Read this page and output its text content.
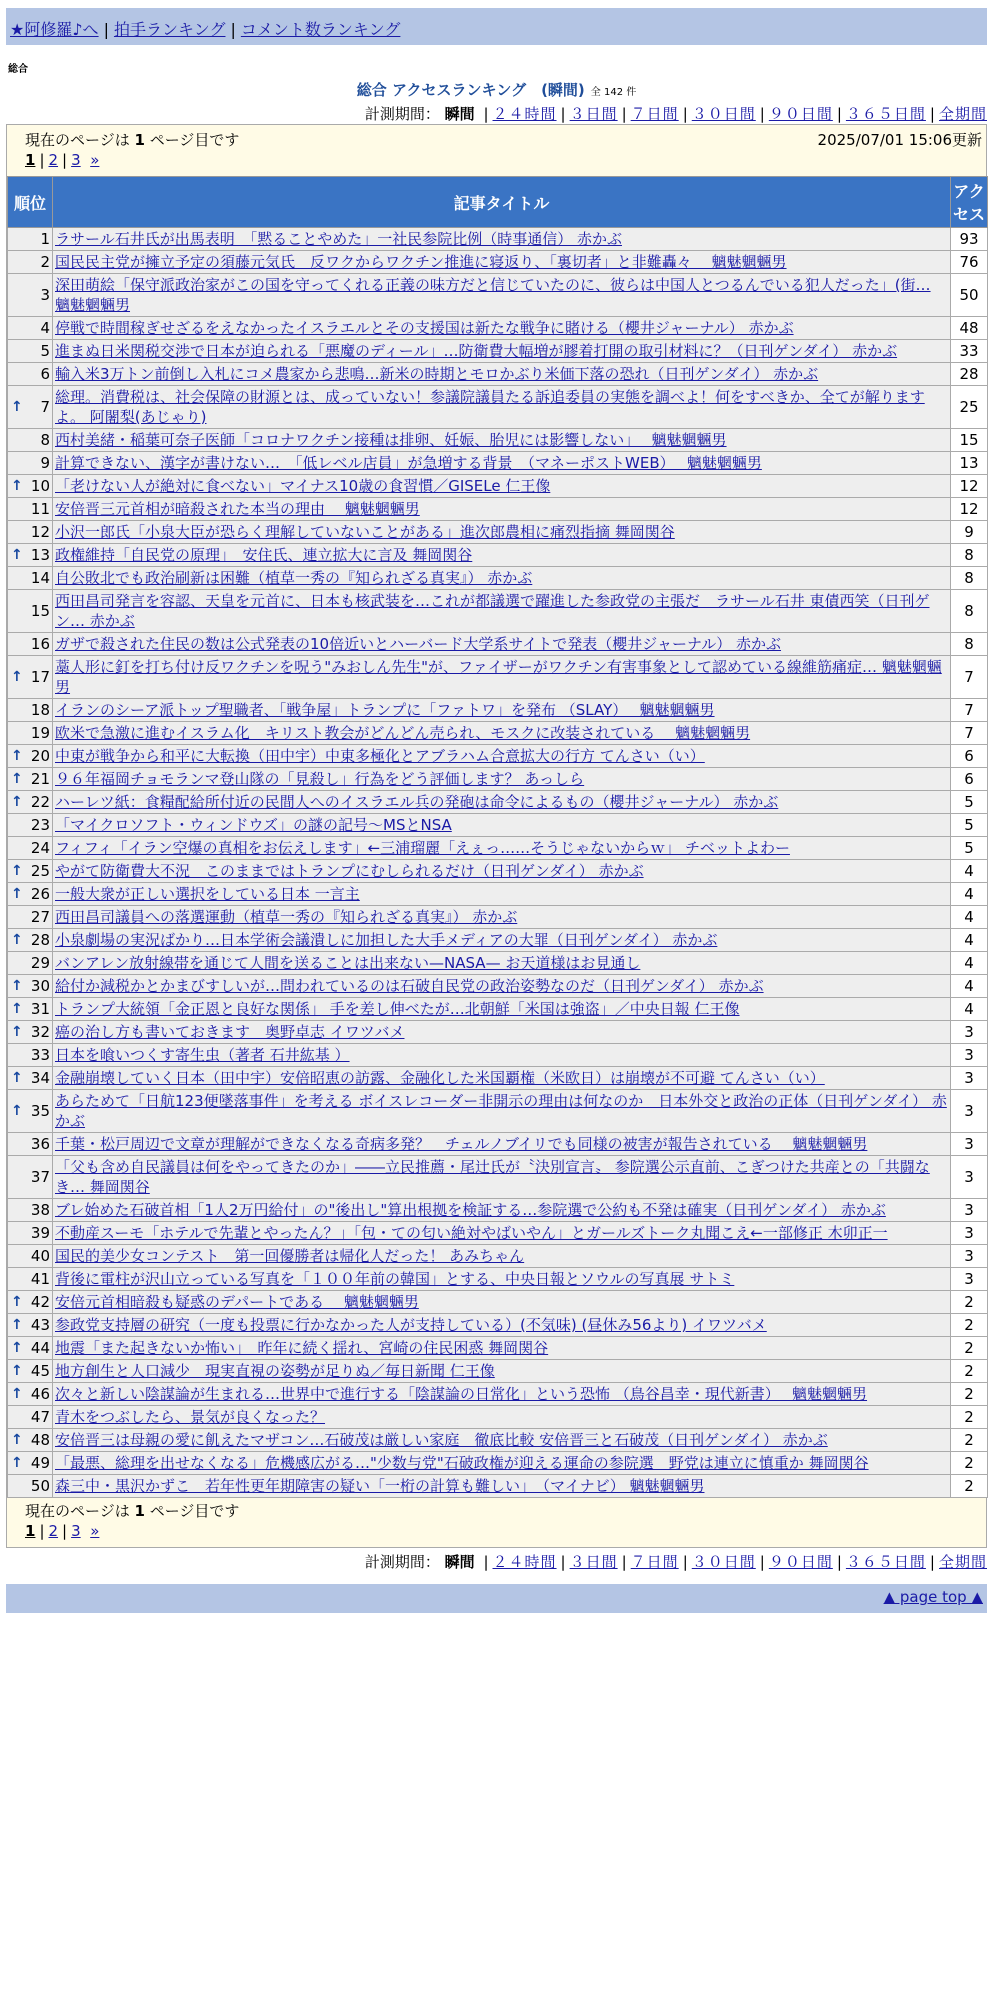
★阿修羅♪へ | 拍手ランキング | コメント数ランキング
総合
総合 アクセスランキング　(瞬間) 全 142 件
計測期間： 瞬間 | ２４時間 | ３日間 | ７日間 | ３０日間 | ９０日間 | ３６５日間 | 全期間
現在のページは 1 ページ目です	2025/07/01 15:06更新
1 | 2 | 3 »
順位	記事タイトル	アクセス
1	ラサール石井氏が出馬表明　「黙ることやめた」一社民参院比例（時事通信） 赤かぶ	93
2	国民民主党が擁立予定の須藤元気氏　反ワクからワクチン推進に寝返り、「裏切者」と非難轟々　 魑魅魍魎男	76
3	深田萌絵「保守派政治家がこの国を守ってくれる正義の味方だと信じていたのに、彼らは中国人とつるんでいる犯人だった」(街… 魑魅魍魎男	50
4	停戦で時間稼ぎせざるをえなかったイスラエルとその支援国は新たな戦争に賭ける（櫻井ジャーナル） 赤かぶ	48
5	進まぬ日米関税交渉で日本が迫られる「悪魔のディール」…防衛費大幅増が膠着打開の取引材料に？（日刊ゲンダイ） 赤かぶ	33
6	輸入米3万トン前倒し入札にコメ農家から悲鳴…新米の時期とモロかぶり米価下落の恐れ（日刊ゲンダイ） 赤かぶ	28

↑ 7	総理。消費税は、社会保障の財源とは、成っていない！参議院議員たる訴追委員の実態を調べよ！何をすべきか、全てが解りますよ。 阿闍梨(あじゃり)	25
8	西村美緒・稲葉可奈子医師「コロナワクチン接種は排卵、妊娠、胎児には影響しない」　 魑魅魍魎男	15
9	計算できない、漢字が書けない…　「低レベル店員」が急増する背景　（マネーポストWEB）　 魑魅魍魎男	13

↑ 10	「老けない人が絶対に食べない」マイナス10歳の食習慣／GISELe 仁王像	12
11	安倍晋三元首相が暗殺された本当の理由　 魑魅魍魎男	12
12	小沢一郎氏「小泉大臣が恐らく理解していないことがある」進次郎農相に痛烈指摘 舞岡関谷	9

↑ 13	政権維持「自民党の原理」　安住氏、連立拡大に言及 舞岡関谷	8
14	自公敗北でも政治刷新は困難（植草一秀の『知られざる真実』） 赤かぶ	8
15	西田昌司発言を容認、天皇を元首に、日本も核武装を…これが都議選で躍進した参政党の主張だ　ラサール石井 東債西笑（日刊ゲン… 赤かぶ	8
16	ガザで殺された住民の数は公式発表の10倍近いとハーバード大学系サイトで発表（櫻井ジャーナル） 赤かぶ	8

↑ 17	藁人形に釘を打ち付け反ワクチンを呪う"みおしん先生"が、ファイザーがワクチン有害事象として認めている線維筋痛症… 魑魅魍魎男	7
18	イランのシーア派トップ聖職者、「戦争屋」トランプに「ファトワ」を発布 （SLAY）　 魑魅魍魎男	7
19	欧米で急激に進むイスラム化　キリスト教会がどんどん売られ、モスクに改装されている　 魑魅魍魎男	7

↑ 20	中東が戦争から和平に大転換（田中宇）中東多極化とアブラハム合意拡大の行方 てんさい（い）	6

↑ 21	９６年福岡チョモランマ登山隊の「見殺し」行為をどう評価します？ あっしら	6

↑ 22	ハーレツ紙：食糧配給所付近の民間人へのイスラエル兵の発砲は命令によるもの（櫻井ジャーナル） 赤かぶ	5
23	「マイクロソフト・ウィンドウズ」の謎の記号〜MSとNSA	5
24	フィフィ「イラン空爆の真相をお伝えします」←三浦瑠麗「えぇっ……そうじゃないからｗ」 チベットよわー	5

↑ 25	やがて防衛費大不況　このままではトランプにむしられるだけ（日刊ゲンダイ） 赤かぶ	4

↑ 26	一般大衆が正しい選択をしている日本 一言主	4
27	西田昌司議員への落選運動（植草一秀の『知られざる真実』） 赤かぶ	4

↑ 28	小泉劇場の実況ばかり…日本学術会議潰しに加担した大手メディアの大罪（日刊ゲンダイ） 赤かぶ	4
29	バンアレン放射線帯を通じて人間を送ることは出来ない—NASA— お天道様はお見通し	4

↑ 30	給付か減税かとかまびすしいが…問われているのは石破自民党の政治姿勢なのだ（日刊ゲンダイ） 赤かぶ	4

↑ 31	トランプ大統領「金正恩と良好な関係」 手を差し伸べたが…北朝鮮「米国は強盗」／中央日報 仁王像	4

↑ 32	癌の治し方も書いておきます　奥野卓志 イワツバメ	3
33	日本を喰いつくす寄生虫（著者 石井紘基 ）	3

↑ 34	金融崩壊していく日本（田中宇）安倍昭恵の訪露、金融化した米国覇権（米欧日）は崩壊が不可避 てんさい（い）	3

↑ 35	あらためて「日航123便墜落事件」を考える ボイスレコーダー非開示の理由は何なのか　日本外交と政治の正体（日刊ゲンダイ） 赤かぶ	3
36	千葉・松戸周辺で文章が理解ができなくなる奇病多発？　チェルノブイリでも同様の被害が報告されている　 魑魅魍魎男	3
37	「父も含め自民議員は何をやってきたのか」――立民推薦・尾辻氏が〝決別宣言〟 参院選公示直前、こぎつけた共産との「共闘なき… 舞岡関谷	3
38	ブレ始めた石破首相「1人2万円給付」の"後出し"算出根拠を検証する…参院選で公約も不発は確実（日刊ゲンダイ） 赤かぶ	3
39	不動産スーモ「ホテルで先輩とやったん？」「包・ての匂い絶対やばいやん」とガールズトーク丸聞こえ←一部修正 木卯正一	3
40	国民的美少女コンテスト　第一回優勝者は帰化人だった！ あみちゃん	3
41	背後に電柱が沢山立っている写真を「１００年前の韓国」とする、中央日報とソウルの写真展 サトミ	3

↑ 42	安倍元首相暗殺も疑惑のデパートである　 魑魅魍魎男	2

↑ 43	参政党支持層の研究（一度も投票に行かなかった人が支持している）(不気味) (昼休み56より) イワツバメ	2

↑ 44	地震「また起きないか怖い」　昨年に続く揺れ、宮崎の住民困惑 舞岡関谷	2

↑ 45	地方創生と人口減少　現実直視の姿勢が足りぬ／毎日新聞 仁王像	2

↑ 46	次々と新しい陰謀論が生まれる…世界中で進行する「陰謀論の日常化」という恐怖 （鳥谷昌幸・現代新書）　 魑魅魍魎男	2
47	青木をつぶしたら、景気が良くなった？	2

↑ 48	安倍晋三は母親の愛に飢えたマザコン…石破茂は厳しい家庭　徹底比較 安倍晋三と石破茂（日刊ゲンダイ） 赤かぶ	2

↑ 49	「最悪、総理を出せなくなる」危機感広がる…"少数与党"石破政権が迎える運命の参院選　野党は連立に慎重か 舞岡関谷	2
50	森三中・黒沢かずこ　若年性更年期障害の疑い「一桁の計算も難しい」　（マイナビ） 魑魅魍魎男	2
現在のページは 1 ページ目です
1 | 2 | 3 »
計測期間： 瞬間 | ２４時間 | ３日間 | ７日間 | ３０日間 | ９０日間 | ３６５日間 | 全期間
▲ page top ▲
